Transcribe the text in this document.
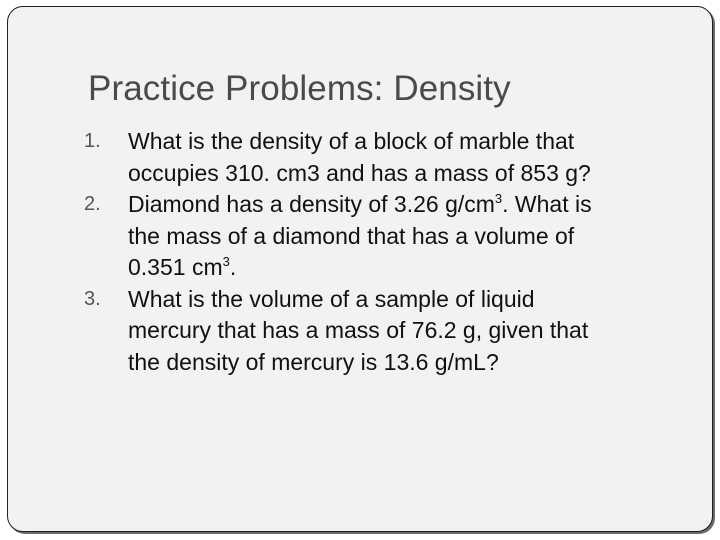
Practice Problems: Density
1.	What is the density of a block of marble that
occupies 310. cm3 and has a mass of 853 g?
2.	Diamond has a density of 3.26 $g/cm^3$. What is
the mass of a diamond that has a volume of
0.351 $cm^3$.
3.	What is the volume of a sample of liquid
mercury that has a mass of 76.2 g, given that
the density of mercury is 13.6 g/mL?
